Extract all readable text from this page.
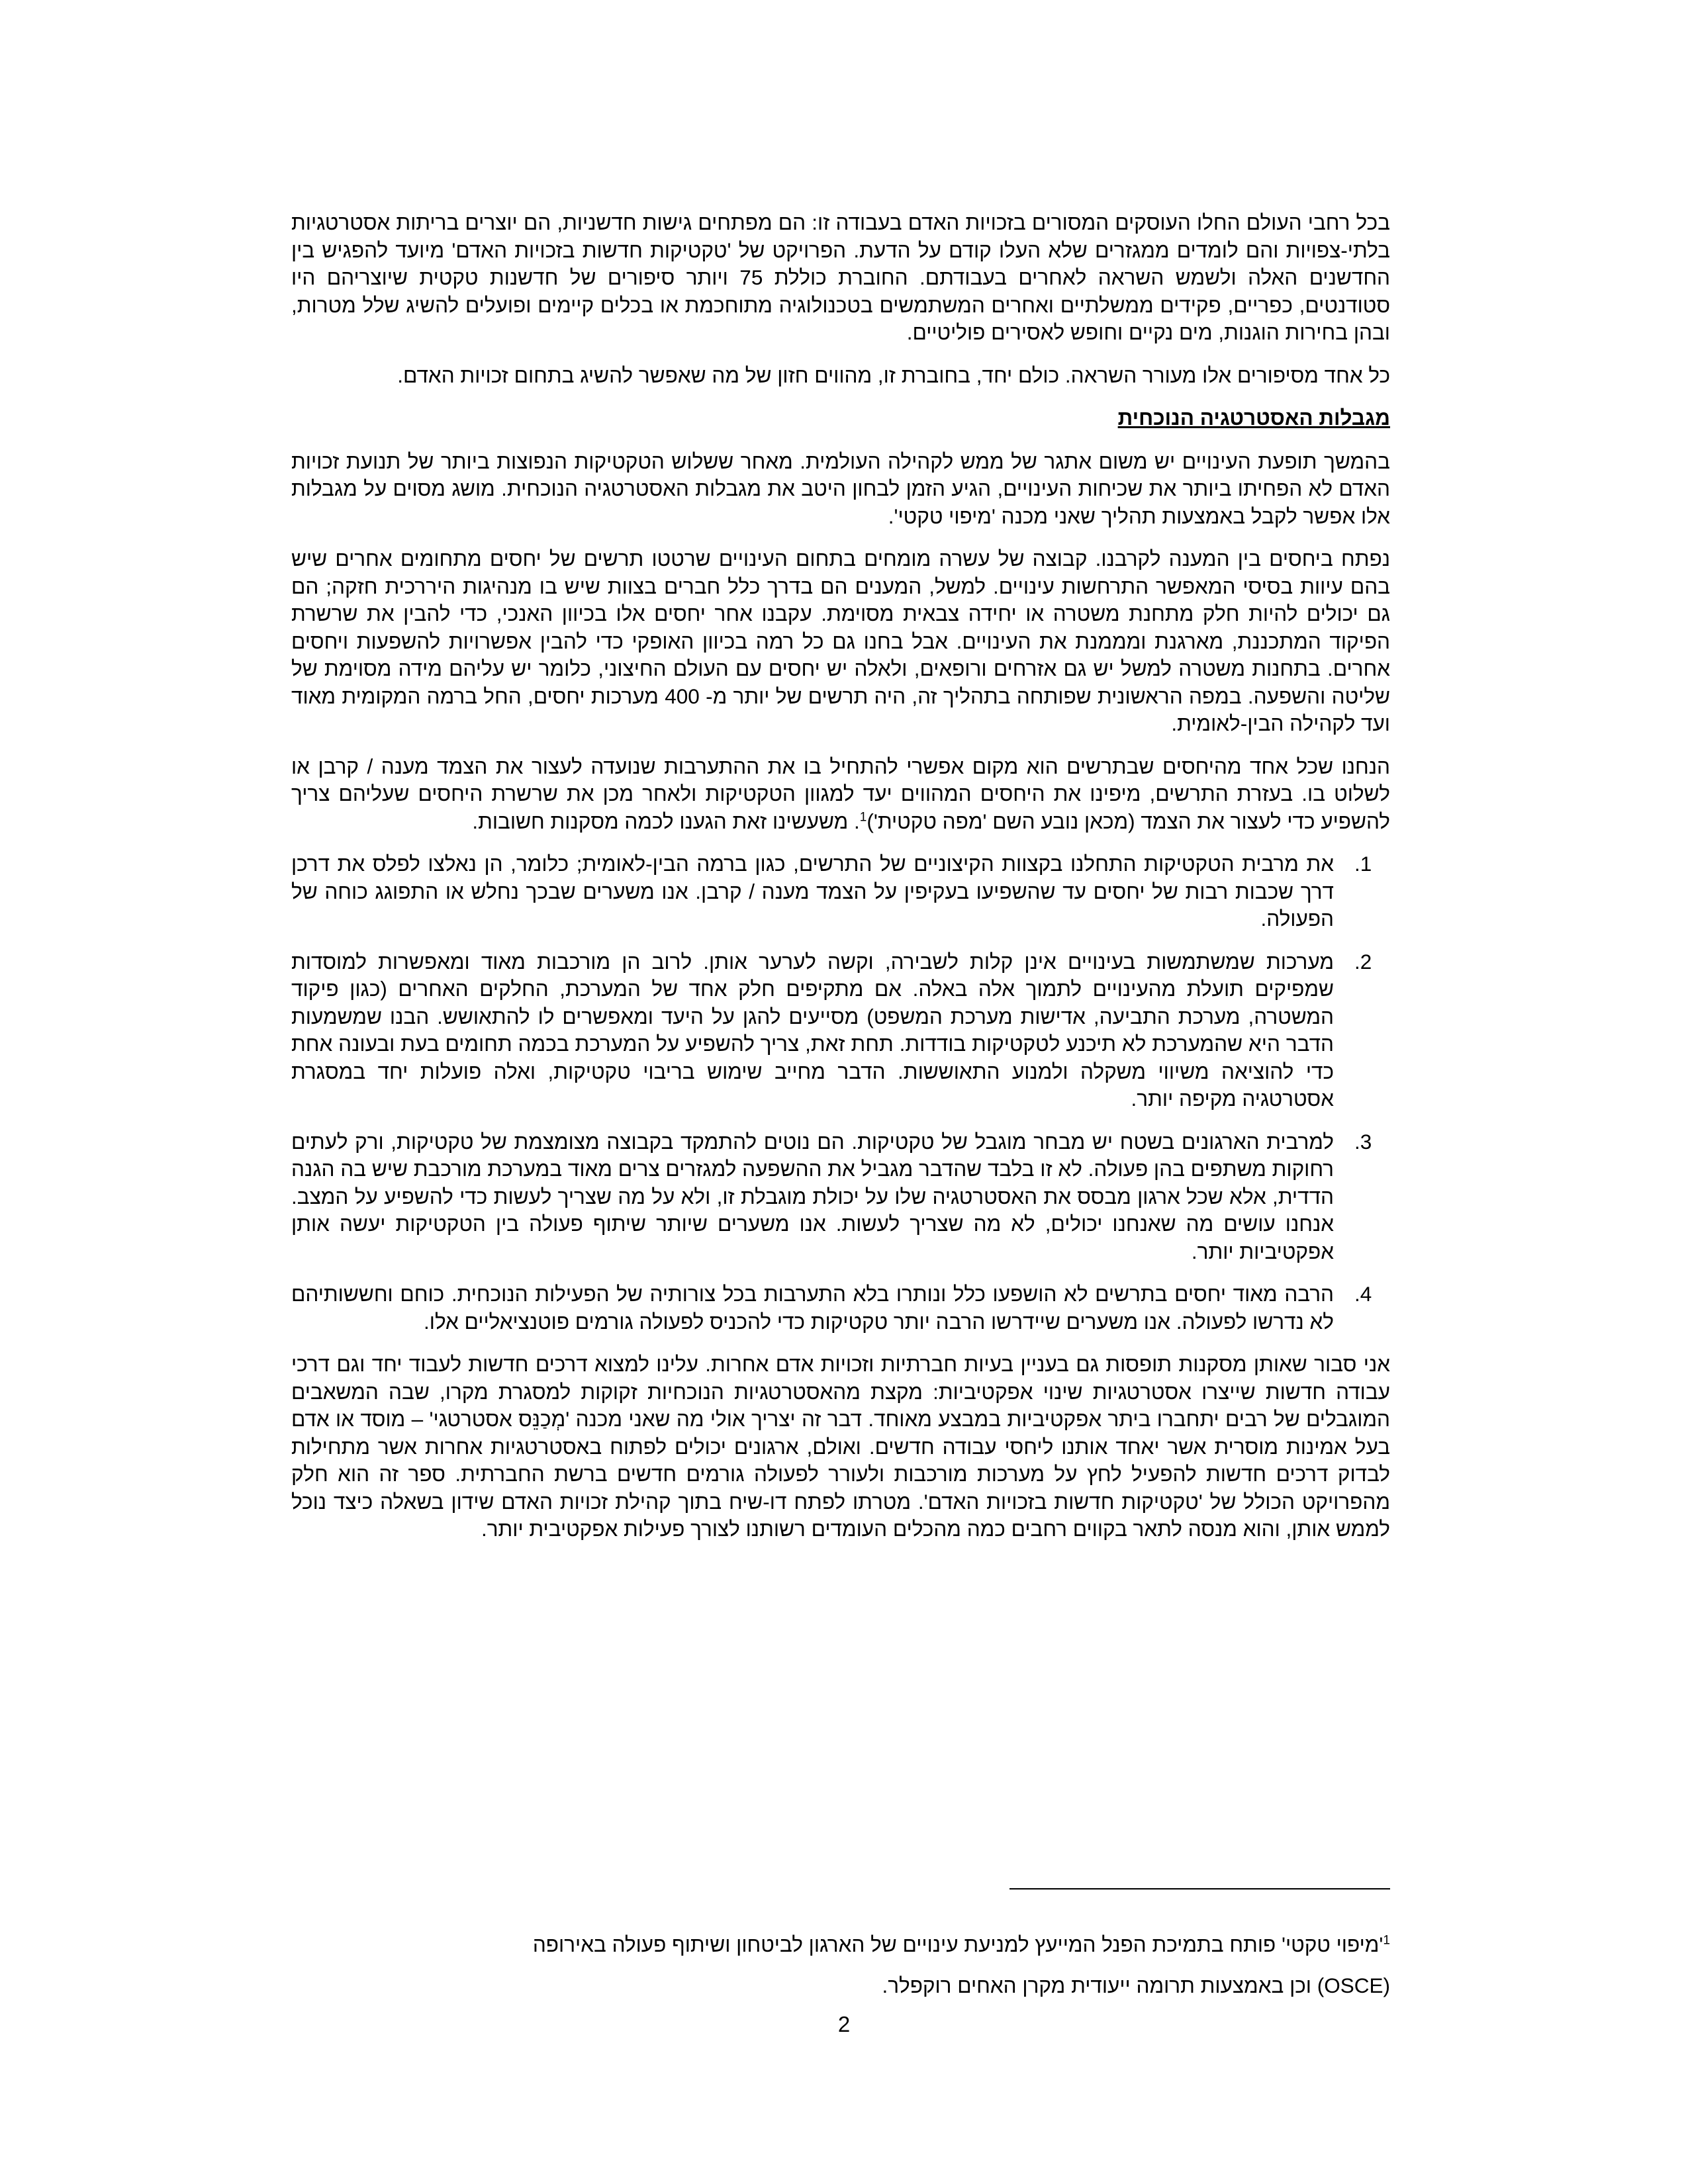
בכל רחבי העולם החלו העוסקים המסורים בזכויות האדם בעבודה זו: הם מפתחים גישות חדשניות, הם יוצרים בריתות אסטרטגיות בלתי-צפויות והם לומדים ממגזרים שלא העלו קודם על הדעת. הפרויקט של 'טקטיקות חדשות בזכויות האדם' מיועד להפגיש בין החדשנים האלה ולשמש השראה לאחרים בעבודתם. החוברת כוללת 75 ויותר סיפורים של חדשנות טקטית שיוצריהם היו סטודנטים, כפריים, פקידים ממשלתיים ואחרים המשתמשים בטכנולוגיה מתוחכמת או בכלים קיימים ופועלים להשיג שלל מטרות, ובהן בחירות הוגנות, מים נקיים וחופש לאסירים פוליטיים.

כל אחד מסיפורים אלו מעורר השראה. כולם יחד, בחוברת זו, מהווים חזון של מה שאפשר להשיג בתחום זכויות האדם.

מגבלות האסטרטגיה הנוכחית

בהמשך תופעת העינויים יש משום אתגר של ממש לקהילה העולמית. מאחר ששלוש הטקטיקות הנפוצות ביותר של תנועת זכויות האדם לא הפחיתו ביותר את שכיחות העינויים, הגיע הזמן לבחון היטב את מגבלות האסטרטגיה הנוכחית. מושג מסוים על מגבלות אלו אפשר לקבל באמצעות תהליך שאני מכנה 'מיפוי טקטי'.

נפתח ביחסים בין המענה לקרבנו. קבוצה של עשרה מומחים בתחום העינויים שרטטו תרשים של יחסים מתחומים אחרים שיש בהם עיוות בסיסי המאפשר התרחשות עינויים. למשל, המענים הם בדרך כלל חברים בצוות שיש בו מנהיגות היררכית חזקה; הם גם יכולים להיות חלק מתחנת משטרה או יחידה צבאית מסוימת. עקבנו אחר יחסים אלו בכיוון האנכי, כדי להבין את שרשרת הפיקוד המתכננת, מארגנת ומממנת את העינויים. אבל בחנו גם כל רמה בכיוון האופקי כדי להבין אפשרויות להשפעות ויחסים אחרים. בתחנות משטרה למשל יש גם אזרחים ורופאים, ולאלה יש יחסים עם העולם החיצוני, כלומר יש עליהם מידה מסוימת של שליטה והשפעה. במפה הראשונית שפותחה בתהליך זה, היה תרשים של יותר מ- 400 מערכות יחסים, החל ברמה המקומית מאוד ועד לקהילה הבין-לאומית.

הנחנו שכל אחד מהיחסים שבתרשים הוא מקום אפשרי להתחיל בו את ההתערבות שנועדה לעצור את הצמד מענה / קרבן או לשלוט בו. בעזרת התרשים, מיפינו את היחסים המהווים יעד למגוון הטקטיקות ולאחר מכן את שרשרת היחסים שעליהם צריך להשפיע כדי לעצור את הצמד (מכאן נובע השם 'מפה טקטית')$^1$. משעשינו זאת הגענו לכמה מסקנות חשובות.

1.
את מרבית הטקטיקות התחלנו בקצוות הקיצוניים של התרשים, כגון ברמה הבין-לאומית; כלומר, הן נאלצו לפלס את דרכן דרך שכבות רבות של יחסים עד שהשפיעו בעקיפין על הצמד מענה / קרבן. אנו משערים שבכך נחלש או התפוגג כוחה של הפעולה.
2.
מערכות שמשתמשות בעינויים אינן קלות לשבירה, וקשה לערער אותן. לרוב הן מורכבות מאוד ומאפשרות למוסדות שמפיקים תועלת מהעינויים לתמוך אלה באלה. אם מתקיפים חלק אחד של המערכת, החלקים האחרים (כגון פיקוד המשטרה, מערכת התביעה, אדישות מערכת המשפט) מסייעים להגן על היעד ומאפשרים לו להתאושש. הבנו שמשמעות הדבר היא שהמערכת לא תיכנע לטקטיקות בודדות. תחת זאת, צריך להשפיע על המערכת בכמה תחומים בעת ובעונה אחת כדי להוציאה משיווי משקלה ולמנוע התאוששות. הדבר מחייב שימוש בריבוי טקטיקות, ואלה פועלות יחד במסגרת אסטרטגיה מקיפה יותר.
3.
למרבית הארגונים בשטח יש מבחר מוגבל של טקטיקות. הם נוטים להתמקד בקבוצה מצומצמת של טקטיקות, ורק לעתים רחוקות משתפים בהן פעולה. לא זו בלבד שהדבר מגביל את ההשפעה למגזרים צרים מאוד במערכת מורכבת שיש בה הגנה הדדית, אלא שכל ארגון מבסס את האסטרטגיה שלו על יכולת מוגבלת זו, ולא על מה שצריך לעשות כדי להשפיע על המצב. אנחנו עושים מה שאנחנו יכולים, לא מה שצריך לעשות. אנו משערים שיותר שיתוף פעולה בין הטקטיקות יעשה אותן אפקטיביות יותר.
4.
הרבה מאוד יחסים בתרשים לא הושפעו כלל ונותרו בלא התערבות בכל צורותיה של הפעילות הנוכחית. כוחם וחששותיהם לא נדרשו לפעולה. אנו משערים שיידרשו הרבה יותר טקטיקות כדי להכניס לפעולה גורמים פוטנציאליים אלו.

אני סבור שאותן מסקנות תופסות גם בעניין בעיות חברתיות וזכויות אדם אחרות. עלינו למצוא דרכים חדשות לעבוד יחד וגם דרכי עבודה חדשות שייצרו אסטרטגיות שינוי אפקטיביות: מקצת מהאסטרטגיות הנוכחיות זקוקות למסגרת מקרו, שבה המשאבים המוגבלים של רבים יתחברו ביתר אפקטיביות במבצע מאוחד. דבר זה יצריך אולי מה שאני מכנה 'מְכַנֵּס אסטרטגי' – מוסד או אדם בעל אמינות מוסרית אשר יאחד אותנו ליחסי עבודה חדשים. ואולם, ארגונים יכולים לפתוח באסטרטגיות אחרות אשר מתחילות לבדוק דרכים חדשות להפעיל לחץ על מערכות מורכבות ולעורר לפעולה גורמים חדשים ברשת החברתית. ספר זה הוא חלק מהפרויקט הכולל של 'טקטיקות חדשות בזכויות האדם'. מטרתו לפתח דו-שיח בתוך קהילת זכויות האדם שידון בשאלה כיצד נוכל לממש אותן, והוא מנסה לתאר בקווים רחבים כמה מהכלים העומדים רשותנו לצורך פעילות אפקטיבית יותר.

$^1$'מיפוי טקטי' פותח בתמיכת הפנל המייעץ למניעת עינויים של הארגון לביטחון ושיתוף פעולה באירופה
(OSCE) וכן באמצעות תרומה ייעודית מקרן האחים רוקפלר.
2
